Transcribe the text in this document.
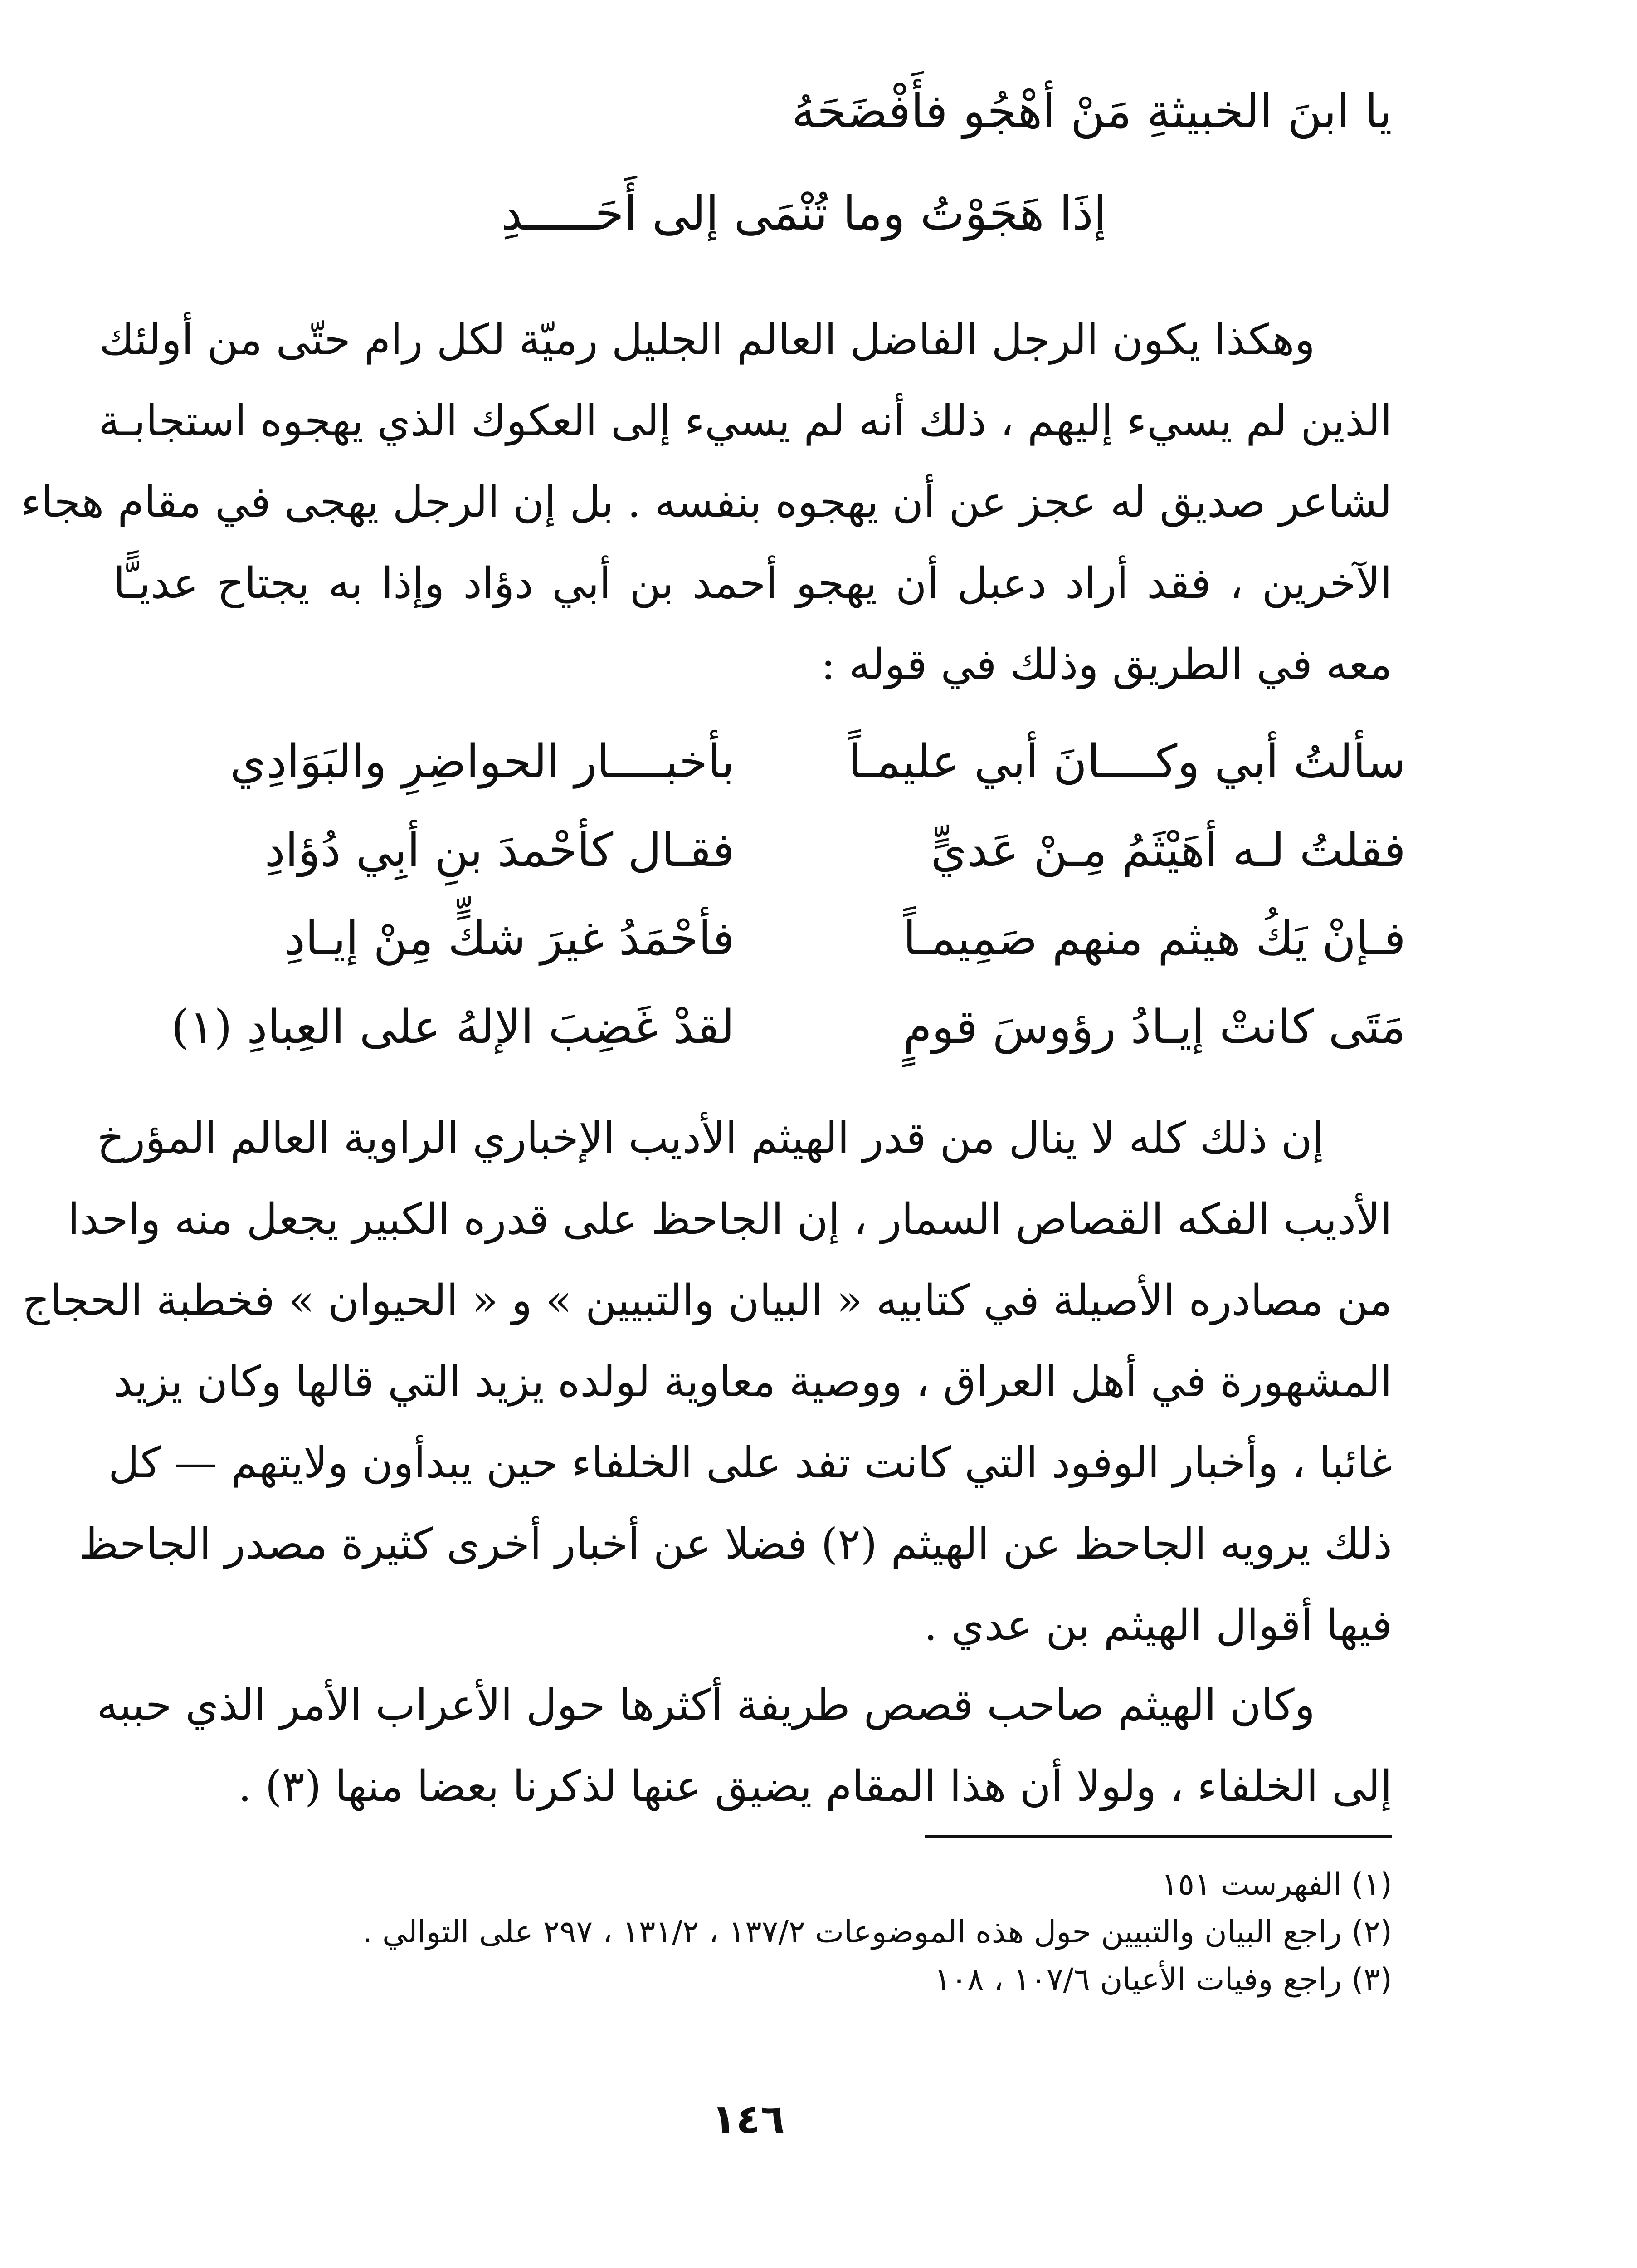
يا ابنَ الخبيثةِ مَنْ أهْجُو فأَفْضَحَهُ
إذَا هَجَوْتُ وما تُنْمَى إلى أَحَـــــدِ
وهكذا يكون الرجل الفاضل العالم الجليل رميّة لكل رام حتّى من أولئك
الذين لم يسيء إليهم ، ذلك أنه لم يسيء إلى العكوك الذي يهجوه استجابـة
لشاعر صديق له عجز عن أن يهجوه بنفسه . بل إن الرجل يهجى في مقام هجاء
الآخرين ، فقد أراد دعبل أن يهجو أحمد بن أبي دؤاد وإذا به يجتاح عديـًّا
معه في الطريق وذلك في قوله :
سألتُ أبي وكــــانَ أبي عليمـاً
بأخبــــار الحواضِرِ والبَوَادِي
فقلتُ لـه أهَيْثَمُ مِـنْ عَديٍّ
فقـال كأحْمدَ بنِ أبِي دُؤادِ
فـإنْ يَكُ هيثم منهم صَمِيمـاً
فأحْمَدُ غيرَ شكٍّ مِنْ إيـادِ
مَتَى كانتْ إيـادُ رؤوسَ قومٍ
لقدْ غَضِبَ الإلهُ على العِبادِ (١)
إن ذلك كله لا ينال من قدر الهيثم الأديب الإخباري الراوية العالم المؤرخ
الأديب الفكه القصاص السمار ، إن الجاحظ على قدره الكبير يجعل منه واحدا
من مصادره الأصيلة في كتابيه « البيان والتبيين » و « الحيوان » فخطبة الحجاج
المشهورة في أهل العراق ، ووصية معاوية لولده يزيد التي قالها وكان يزيد
غائبا ، وأخبار الوفود التي كانت تفد على الخلفاء حين يبدأون ولايتهم — كل
ذلك يرويه الجاحظ عن الهيثم (٢) فضلا عن أخبار أخرى كثيرة مصدر الجاحظ
فيها أقوال الهيثم بن عدي .
وكان الهيثم صاحب قصص طريفة أكثرها حول الأعراب الأمر الذي حببه
إلى الخلفاء ، ولولا أن هذا المقام يضيق عنها لذكرنا بعضا منها (٣) .
(١) الفهرست ١٥١
(٢) راجع البيان والتبيين حول هذه الموضوعات ١٣٧/٢ ، ١٣١/٢ ، ٢٩٧ على التوالي .
(٣) راجع وفيات الأعيان ١٠٧/٦ ، ١٠٨
١٤٦
